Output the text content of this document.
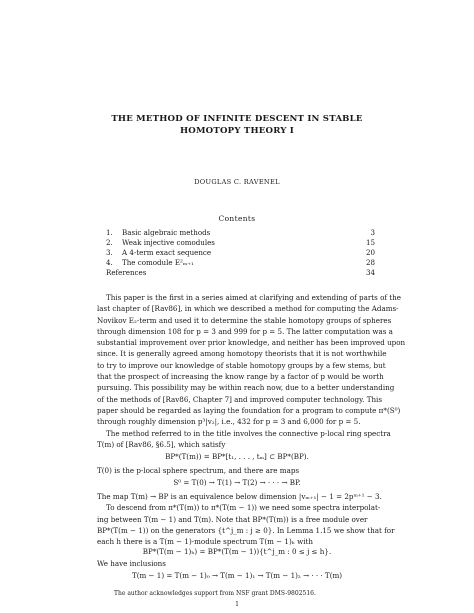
THE METHOD OF INFINITE DESCENT IN STABLE
HOMOTOPY THEORY I
DOUGLAS C. RAVENEL
Contents
1. Basic algebraic methods	3
2. Weak injective comodules	15
3. A 4-term exact sequence	20
4. The comodule E²ₘ₊₁	28
References	34
This paper is the first in a series aimed at clarifying and extending of parts of the
last chapter of [Rav86], in which we described a method for computing the Adams-
Novikov E₂-term and used it to determine the stable homotopy groups of spheres
through dimension 108 for p = 3 and 999 for p = 5. The latter computation was a
substantial improvement over prior knowledge, and neither has been improved upon
since. It is generally agreed among homotopy theorists that it is not worthwhile
to try to improve our knowledge of stable homotopy groups by a few stems, but
that the prospect of increasing the know range by a factor of p would be worth
pursuing. This possibility may be within reach now, due to a better understanding
of the methods of [Rav86, Chapter 7] and improved computer technology. This
paper should be regarded as laying the foundation for a program to compute π*(S⁰)
through roughly dimension p³|v₂|, i.e., 432 for p = 3 and 6,000 for p = 5.
The method referred to in the title involves the connective p-local ring spectra
T(m) of [Rav86, §6.5], which satisfy
BP*(T(m)) = BP*[t₁, . . . , tₘ] ⊂ BP*(BP).
T(0) is the p-local sphere spectrum, and there are maps
S⁰ = T(0) → T(1) → T(2) → · · · → BP.
The map T(m) → BP is an equivalence below dimension |vₘ₊₁| − 1 = 2pᵐ⁺¹ − 3.
To descend from π*(T(m)) to π*(T(m − 1)) we need some spectra interpolat-
ing between T(m − 1) and T(m). Note that BP*(T(m)) is a free module over
BP*(T(m − 1)) on the generators {t^j_m : j ≥ 0}. In Lemma 1.15 we show that for
each h there is a T(m − 1)-module spectrum T(m − 1)ₕ with
BP*(T(m − 1)ₕ) = BP*(T(m − 1)){t^j_m : 0 ≤ j ≤ h}.
We have inclusions
T(m − 1) = T(m − 1)₀ → T(m − 1)₁ → T(m − 1)₂ → · · · T(m)
The author acknowledges support from NSF grant DMS-9802516.
1
